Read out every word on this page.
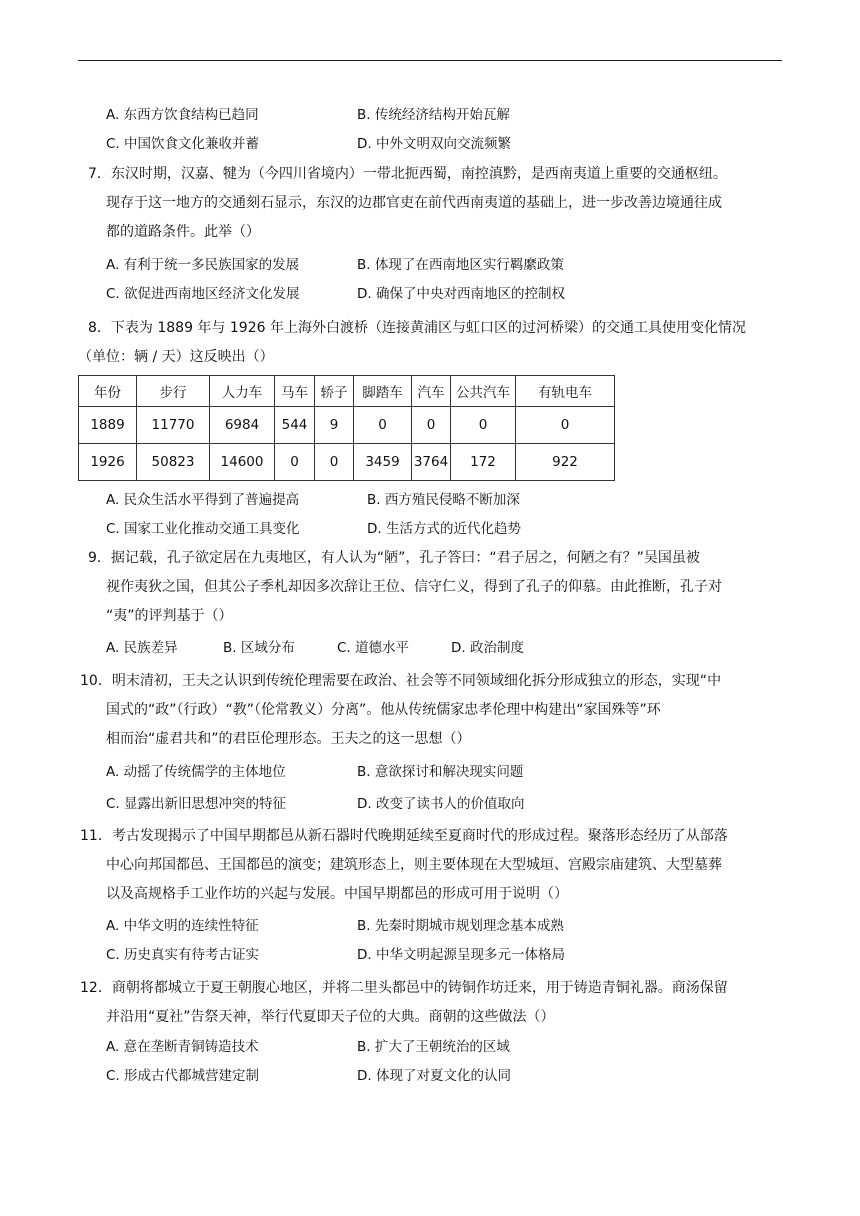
A. 东西方饮食结构已趋同	B. 传统经济结构开始瓦解
C. 中国饮食文化兼收并蓄	D. 中外文明双向交流频繁
7．东汉时期，汉嘉、犍为（今四川省境内）一带北扼西蜀，南控滇黔，是西南夷道上重要的交通枢纽。
现存于这一地方的交通刻石显示，东汉的边郡官吏在前代西南夷道的基础上，进一步改善边境通往成
都的道路条件。此举（）
A. 有利于统一多民族国家的发展	B. 体现了在西南地区实行羁縻政策
C. 欲促进西南地区经济文化发展	D. 确保了中央对西南地区的控制权
8．下表为 1889 年与 1926 年上海外白渡桥（连接黄浦区与虹口区的过河桥梁）的交通工具使用变化情况
（单位：辆 / 天）这反映出（）
年份	步行	人力车	马车	轿子	脚踏车	汽车	公共汽车	有轨电车
1889	11770	6984	544	9	0	0	0	0
1926	50823	14600	0	0	3459	3764	172	922
A. 民众生活水平得到了普遍提高	B. 西方殖民侵略不断加深
C. 国家工业化推动交通工具变化	D. 生活方式的近代化趋势
9．据记载，孔子欲定居在九夷地区，有人认为“陋”，孔子答曰：“君子居之，何陋之有？”吴国虽被
视作夷狄之国，但其公子季札却因多次辞让王位、信守仁义，得到了孔子的仰慕。由此推断，孔子对
“夷”的评判基于（）
A. 民族差异	B. 区域分布	C. 道德水平	D. 政治制度
10．明末清初，王夫之认识到传统伦理需要在政治、社会等不同领域细化拆分形成独立的形态，实现“中
国式的“政”（行政）“教”（伦常教义）分离”。他从传统儒家忠孝伦理中构建出“家国殊等”环
相而治“虚君共和”的君臣伦理形态。王夫之的这一思想（）
A. 动摇了传统儒学的主体地位	B. 意欲探讨和解决现实问题
C. 显露出新旧思想冲突的特征	D. 改变了读书人的价值取向
11．考古发现揭示了中国早期都邑从新石器时代晚期延续至夏商时代的形成过程。聚落形态经历了从部落
中心向邦国都邑、王国都邑的演变；建筑形态上，则主要体现在大型城垣、宫殿宗庙建筑、大型墓葬
以及高规格手工业作坊的兴起与发展。中国早期都邑的形成可用于说明（）
A. 中华文明的连续性特征	B. 先秦时期城市规划理念基本成熟
C. 历史真实有待考古证实	D. 中华文明起源呈现多元一体格局
12．商朝将都城立于夏王朝腹心地区，并将二里头都邑中的铸铜作坊迁来，用于铸造青铜礼器。商汤保留
并沿用“夏社”告祭天神，举行代夏即天子位的大典。商朝的这些做法（）
A. 意在垄断青铜铸造技术	B. 扩大了王朝统治的区域
C. 形成古代都城营建定制	D. 体现了对夏文化的认同
